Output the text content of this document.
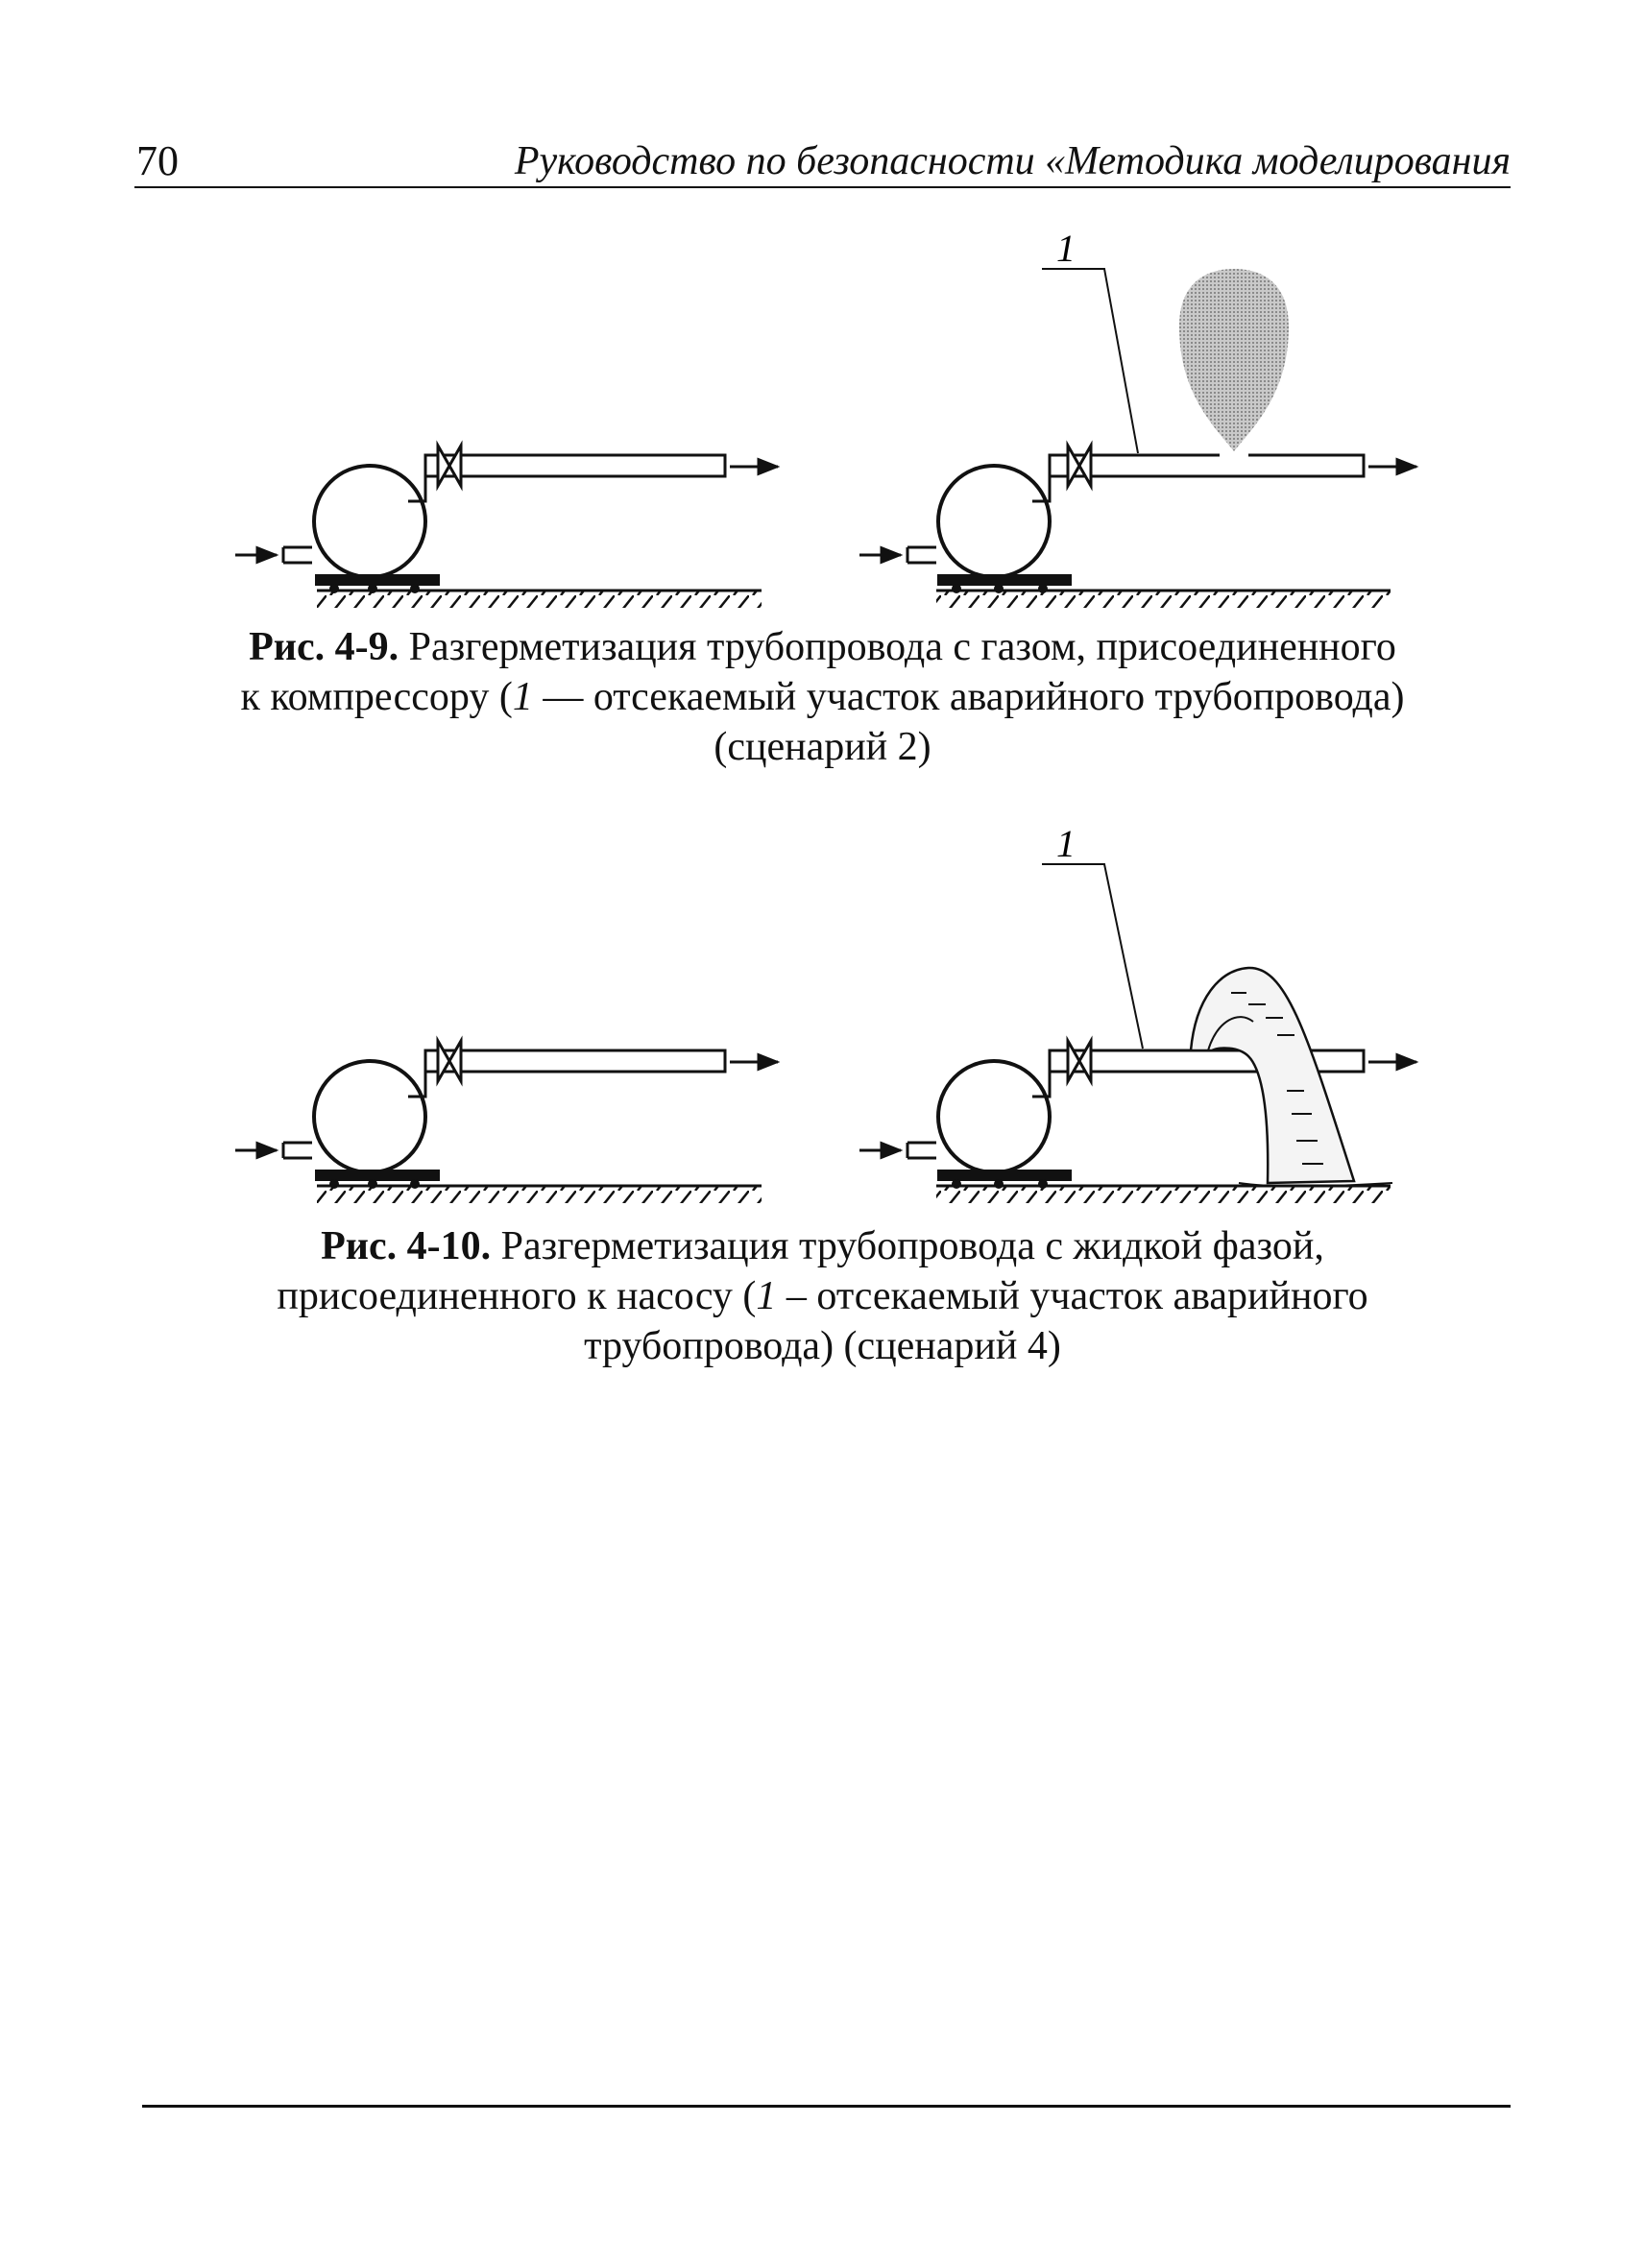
70	Руководство по безопасности «Методика моделирования
1
Рис. 4-9. Разгерметизация трубопровода с газом, присоединенного
к компрессору (1 — отсекаемый участок аварийного трубопровода)
(сценарий 2)
1
Рис. 4-10. Разгерметизация трубопровода с жидкой фазой,
присоединенного к насосу (1 – отсекаемый участок аварийного
трубопровода) (сценарий 4)
